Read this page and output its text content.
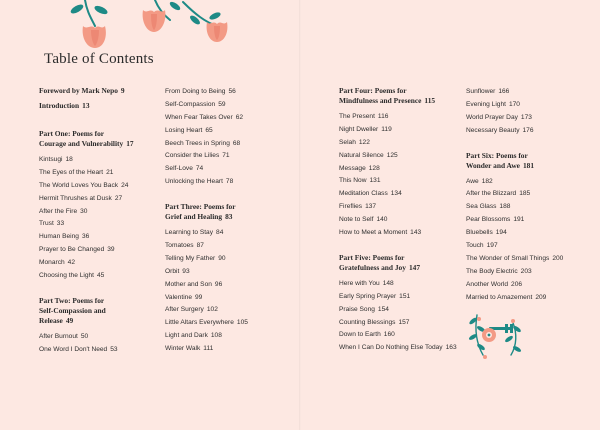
Table of Contents
Foreword by Mark Nepo 9
Introduction 13
Part One: Poems for
Courage and Vulnerability 17
Kintsugi 18
The Eyes of the Heart 21
The World Loves You Back 24
Hermit Thrushes at Dusk 27
After the Fire 30
Trust 33
Human Being 36
Prayer to Be Changed 39
Monarch 42
Choosing the Light 45
Part Two: Poems for
Self-Compassion and
Release 49
After Burnout 50
One Word I Don't Need 53
From Doing to Being 56
Self-Compassion 59
When Fear Takes Over 62
Losing Heart 65
Beech Trees in Spring 68
Consider the Lilies 71
Self-Love 74
Unlocking the Heart 78
Part Three: Poems for
Grief and Healing 83
Learning to Stay 84
Tomatoes 87
Telling My Father 90
Orbit 93
Mother and Son 96
Valentine 99
After Surgery 102
Little Altars Everywhere 105
Light and Dark 108
Winter Walk 111
Part Four: Poems for
Mindfulness and Presence 115
The Present 116
Night Dweller 119
Selah 122
Natural Silence 125
Message 128
This Now 131
Meditation Class 134
Fireflies 137
Note to Self 140
How to Meet a Moment 143
Part Five: Poems for
Gratefulness and Joy 147
Here with You 148
Early Spring Prayer 151
Praise Song 154
Counting Blessings 157
Down to Earth 160
When I Can Do Nothing Else Today 163
Sunflower 166
Evening Light 170
World Prayer Day 173
Necessary Beauty 176
Part Six: Poems for
Wonder and Awe 181
Awe 182
After the Blizzard 185
Sea Glass 188
Pear Blossoms 191
Bluebells 194
Touch 197
The Wonder of Small Things 200
The Body Electric 203
Another World 206
Married to Amazement 209
